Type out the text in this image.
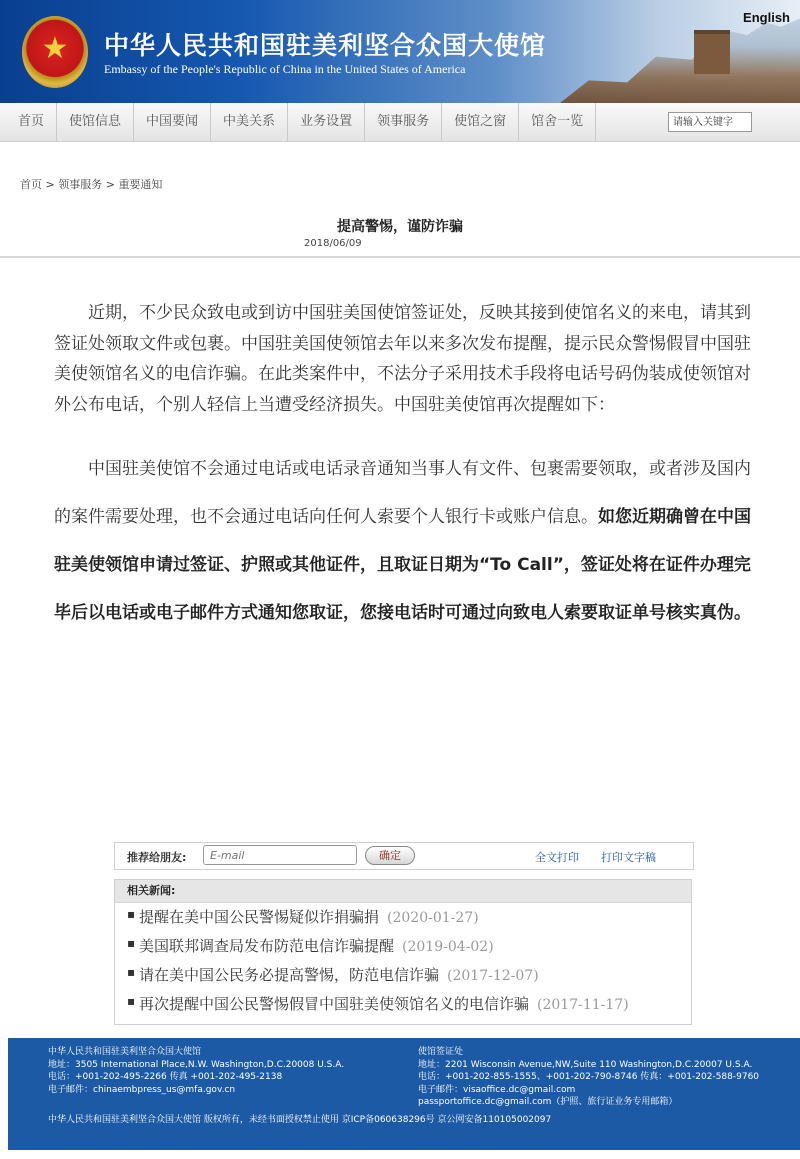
★ 中华人民共和国驻美利坚合众国大使馆
Embassy of the People's Republic of China in the United States of America
English
首页	使馆信息	中国要闻	中美关系	业务设置	领事服务	使馆之窗	馆舍一览
请输入关键字
首页 > 领事服务 > 重要通知
提高警惕，谨防诈骗
2018/06/09

近期，不少民众致电或到访中国驻美国使馆签证处，反映其接到使馆名义的来电，请其到签证处领取文件或包裹。中国驻美国使领馆去年以来多次发布提醒，提示民众警惕假冒中国驻美使领馆名义的电信诈骗。在此类案件中，不法分子采用技术手段将电话号码伪装成使领馆对外公布电话，个别人轻信上当遭受经济损失。中国驻美使馆再次提醒如下：

中国驻美使馆不会通过电话或电话录音通知当事人有文件、包裹需要领取，或者涉及国内的案件需要处理，也不会通过电话向任何人索要个人银行卡或账户信息。如您近期确曾在中国驻美使领馆申请过签证、护照或其他证件，且取证日期为“To Call”，签证处将在证件办理完毕后以电话或电子邮件方式通知您取证，您接电话时可通过向致电人索要取证单号核实真伪。

推荐给朋友:
E-mail	确定	全文打印 打印文字稿
相关新闻:
▪ 提醒在美中国公民警惕疑似诈捐骗捐 (2020-01-27)
▪ 美国联邦调查局发布防范电信诈骗提醒 (2019-04-02)
▪ 请在美中国公民务必提高警惕，防范电信诈骗 (2017-12-07)
▪ 再次提醒中国公民警惕假冒中国驻美使领馆名义的电信诈骗 (2017-11-17)
中华人民共和国驻美利坚合众国大使馆
地址：3505 International Place,N.W. Washington,D.C.20008 U.S.A.
电话：+001-202-495-2266 传真 +001-202-495-2138
电子邮件：chinaembpress_us@mfa.gov.cn
使馆签证处
地址：2201 Wisconsin Avenue,NW,Suite 110 Washington,D.C.20007 U.S.A.
电话：+001-202-855-1555、+001-202-790-8746 传真：+001-202-588-9760
电子邮件：visaoffice.dc@gmail.com
passportoffice.dc@gmail.com（护照、旅行证业务专用邮箱）
中华人民共和国驻美利坚合众国大使馆 版权所有，未经书面授权禁止使用 京ICP备060638296号 京公网安备110105002097
